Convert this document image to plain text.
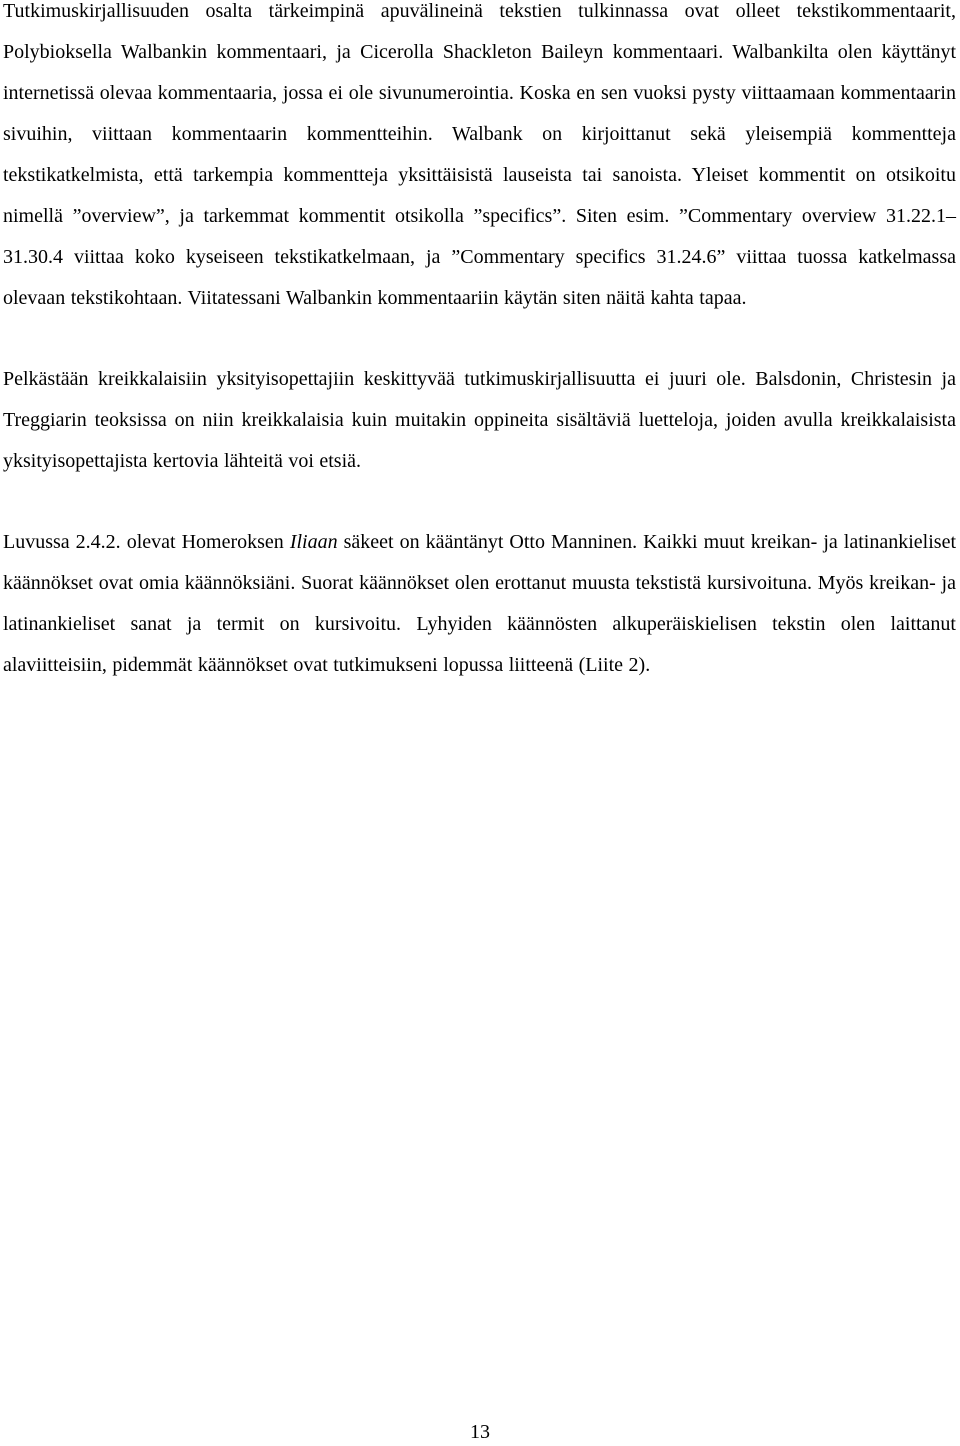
Tutkimuskirjallisuuden osalta tärkeimpinä apuvälineinä tekstien tulkinnassa ovat olleet tekstikommentaarit, Polybioksella Walbankin kommentaari, ja Cicerolla Shackleton Baileyn kommentaari. Walbankilta olen käyttänyt internetissä olevaa kommentaaria, jossa ei ole sivunumerointia. Koska en sen vuoksi pysty viittaamaan kommentaarin sivuihin, viittaan kommentaarin kommentteihin. Walbank on kirjoittanut sekä yleisempiä kommentteja tekstikatkelmista, että tarkempia kommentteja yksittäisistä lauseista tai sanoista. Yleiset kommentit on otsikoitu nimellä ”overview”, ja tarkemmat kommentit otsikolla ”specifics”. Siten esim. ”Commentary overview 31.22.1–31.30.4 viittaa koko kyseiseen tekstikatkelmaan, ja ”Commentary specifics 31.24.6” viittaa tuossa katkelmassa olevaan tekstikohtaan. Viitatessani Walbankin kommentaariin käytän siten näitä kahta tapaa.

Pelkästään kreikkalaisiin yksityisopettajiin keskittyvää tutkimuskirjallisuutta ei juuri ole. Balsdonin, Christesin ja Treggiarin teoksissa on niin kreikkalaisia kuin muitakin oppineita sisältäviä luetteloja, joiden avulla kreikkalaisista yksityisopettajista kertovia lähteitä voi etsiä.

Luvussa 2.4.2. olevat Homeroksen Iliaan säkeet on kääntänyt Otto Manninen. Kaikki muut kreikan- ja latinankieliset käännökset ovat omia käännöksiäni. Suorat käännökset olen erottanut muusta tekstistä kursivoituna. Myös kreikan- ja latinankieliset sanat ja termit on kursivoitu. Lyhyiden käännösten alkuperäiskielisen tekstin olen laittanut alaviitteisiin, pidemmät käännökset ovat tutkimukseni lopussa liitteenä (Liite 2).

13
